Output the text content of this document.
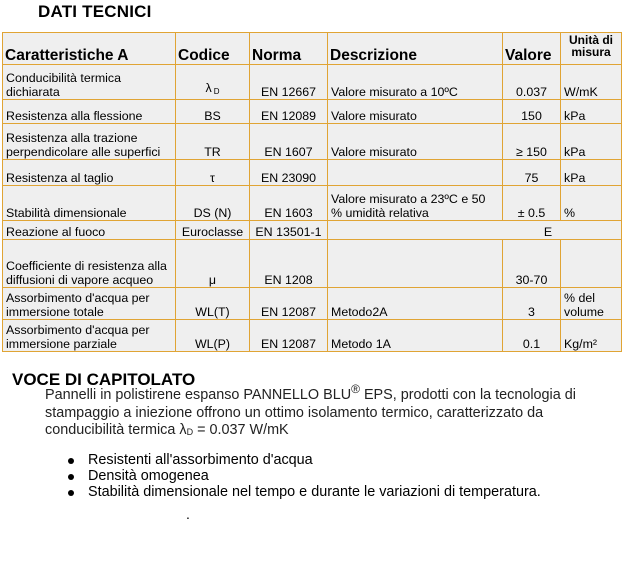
DATI TECNICI
Caratteristiche A	Codice	Norma	Descrizione	Valore	Unità di misura
Conducibilità termica dichiarata	λ $_D$	EN 12667	Valore misurato a 10ºC	0.037	W/mK
Resistenza alla flessione	BS	EN 12089	Valore misurato	150	kPa
Resistenza alla trazione perpendicolare alle superfici	TR	EN 1607	Valore misurato	≥ 150	kPa
Resistenza al taglio	τ	EN 23090		75	kPa
Stabilità dimensionale	DS (N)	EN 1603	Valore misurato a 23ºC e 50 % umidità relativa	± 0.5	%
Reazione al fuoco	Euroclasse	EN 13501-1	E		
Coefficiente di resistenza alla diffusioni di vapore acqueo	μ	EN 1208		30-70	
Assorbimento d'acqua per immersione totale	WL(T)	EN 12087	Metodo2A	3	% del volume
Assorbimento d'acqua per immersione parziale	WL(P)	EN 12087	Metodo 1A	0.1	Kg/m²
VOCE DI CAPITOLATO
Pannelli in polistirene espanso PANNELLO BLU® EPS, prodotti con la tecnologia di stampaggio a iniezione offrono un ottimo isolamento termico, caratterizzato da conducibilità termica λD = 0.037 W/mK
Resistenti all'assorbimento d'acqua
Densità omogenea
Stabilità dimensionale nel tempo e durante le variazioni di temperatura.
.
